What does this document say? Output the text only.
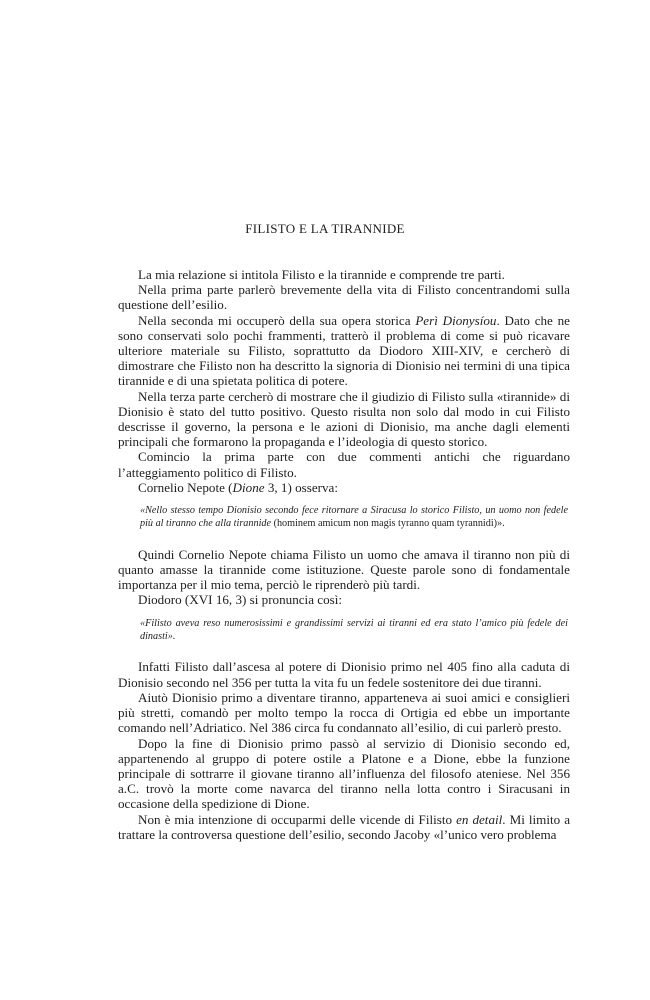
FILISTO E LA TIRANNIDE

La mia relazione si intitola Filisto e la tirannide e comprende tre parti.

Nella prima parte parlerò brevemente della vita di Filisto concentrandomi sulla questione dell’esilio.

Nella seconda mi occuperò della sua opera storica Perì Dionysíou. Dato che ne sono conservati solo pochi frammenti, tratterò il problema di come si può ricavare ulteriore materiale su Filisto, soprattutto da Diodoro XIII-XIV, e cercherò di dimostrare che Filisto non ha descritto la signoria di Dionisio nei termini di una tipica tirannide e di una spietata politica di potere.

Nella terza parte cercherò di mostrare che il giudizio di Filisto sulla «tirannide» di Dionisio è stato del tutto positivo. Questo risulta non solo dal modo in cui Filisto descrisse il governo, la persona e le azioni di Dionisio, ma anche dagli elementi principali che formarono la propaganda e l’ideologia di questo storico.

Comincio la prima parte con due commenti antichi che riguardano l’atteggiamento politico di Filisto.

Cornelio Nepote (Dione 3, 1) osserva:

«Nello stesso tempo Dionisio secondo fece ritornare a Siracusa lo storico Filisto, un uomo non fedele più al tiranno che alla tirannide (hominem amicum non magis tyranno quam tyrannidi)».

Quindi Cornelio Nepote chiama Filisto un uomo che amava il tiranno non più di quanto amasse la tirannide come istituzione. Queste parole sono di fondamentale importanza per il mio tema, perciò le riprenderò più tardi.

Diodoro (XVI 16, 3) si pronuncia così:

«Filisto aveva reso numerosissimi e grandissimi servizi ai tiranni ed era stato l’amico più fedele dei dinasti».

Infatti Filisto dall’ascesa al potere di Dionisio primo nel 405 fino alla caduta di Dionisio secondo nel 356 per tutta la vita fu un fedele sostenitore dei due tiranni.

Aiutò Dionisio primo a diventare tiranno, apparteneva ai suoi amici e consiglieri più stretti, comandò per molto tempo la rocca di Ortigia ed ebbe un importante comando nell’Adriatico. Nel 386 circa fu condannato all’esilio, di cui parlerò presto.

Dopo la fine di Dionisio primo passò al servizio di Dionisio secondo ed, appartenendo al gruppo di potere ostile a Platone e a Dione, ebbe la funzione principale di sottrarre il giovane tiranno all’influenza del filosofo ateniese. Nel 356 a.C. trovò la morte come navarca del tiranno nella lotta contro i Siracusani in occasione della spedizione di Dione.

Non è mia intenzione di occuparmi delle vicende di Filisto en detail. Mi limito a trattare la controversa questione dell’esilio, secondo Jacoby «l’unico vero problema
